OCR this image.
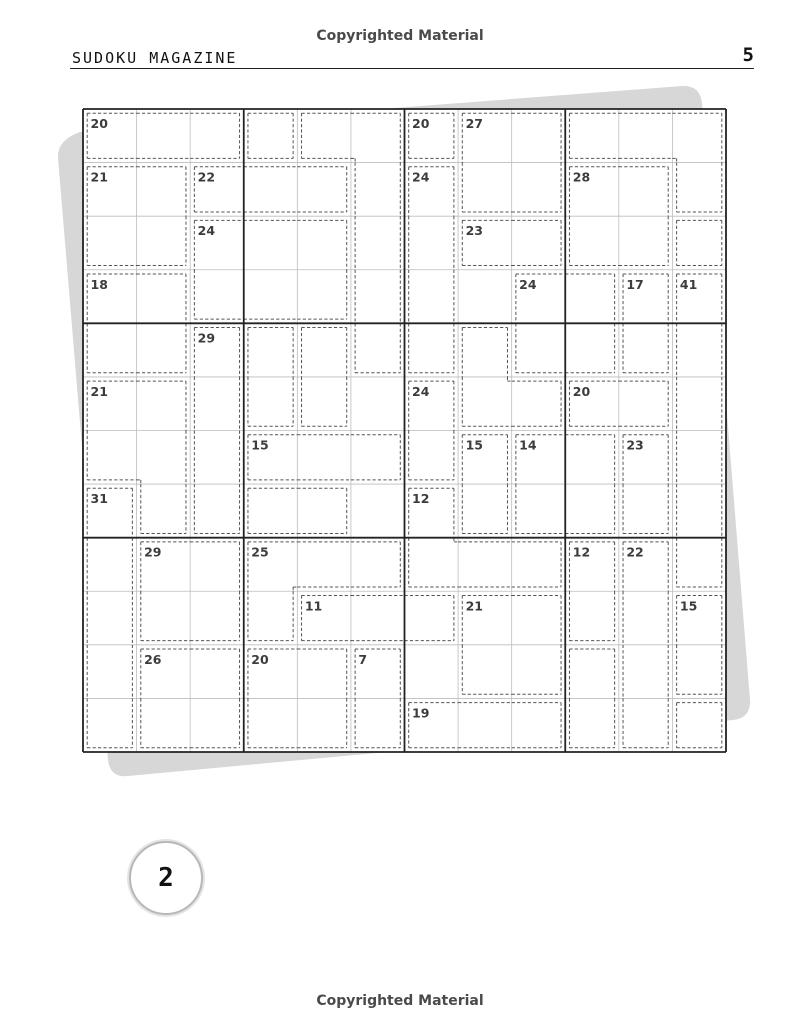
Copyrighted Material
SUDOKU MAGAZINE	5
20	20	27
21	22	24	28
24	23
18	24	17	41
29
21	24	20
15	15	14	23
31	12
29	25	12	22
11	21	15
26	20	7
19
2
Copyrighted Material
